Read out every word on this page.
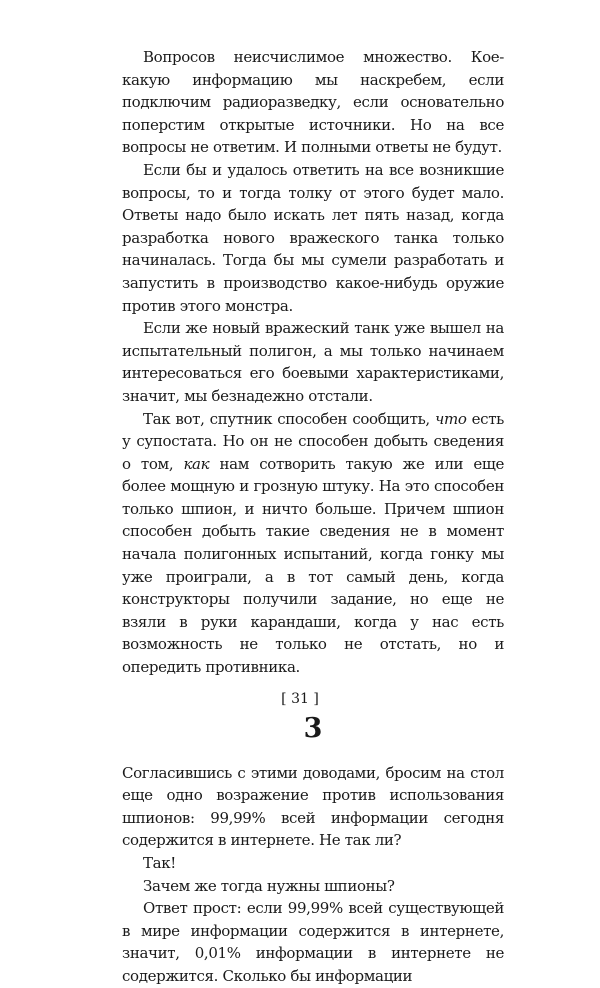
Вопросов неисчислимое множество. Кое-какую информацию мы наскребем, если подключим радиоразведку, если основательно поперстим открытые источники. Но на все вопросы не ответим. И полными ответы не будут.

Если бы и удалось ответить на все возникшие вопросы, то и тогда толку от этого будет мало. Ответы надо было искать лет пять назад, когда разработка нового вражеского танка только начиналась. Тогда бы мы сумели разработать и запустить в производство какое-нибудь оружие против этого монстра.

Если же новый вражеский танк уже вышел на испытательный полигон, а мы только начинаем интересоваться его боевыми характеристиками, значит, мы безнадежно отстали.

Так вот, спутник способен сообщить, что есть у супостата. Но он не способен добыть сведения о том, как нам сотворить такую же или еще более мощную и грозную штуку. На это способен только шпион, и ничто больше. Причем шпион способен добыть такие сведения не в момент начала полигонных испытаний, когда гонку мы уже проиграли, а в тот самый день, когда конструкторы получили задание, но еще не взяли в руки карандаши, когда у нас есть возможность не только не отстать, но и опередить противника.

3

Согласившись с этими доводами, бросим на стол еще одно возражение против использования шпионов: 99,99% всей информации сегодня содержится в интернете. Не так ли?

Так!

Зачем же тогда нужны шпионы?

Ответ прост: если 99,99% всей существующей в мире информации содержится в интернете, значит, 0,01% информации в интернете не содержится. Сколько бы информации

[ 31 ]
